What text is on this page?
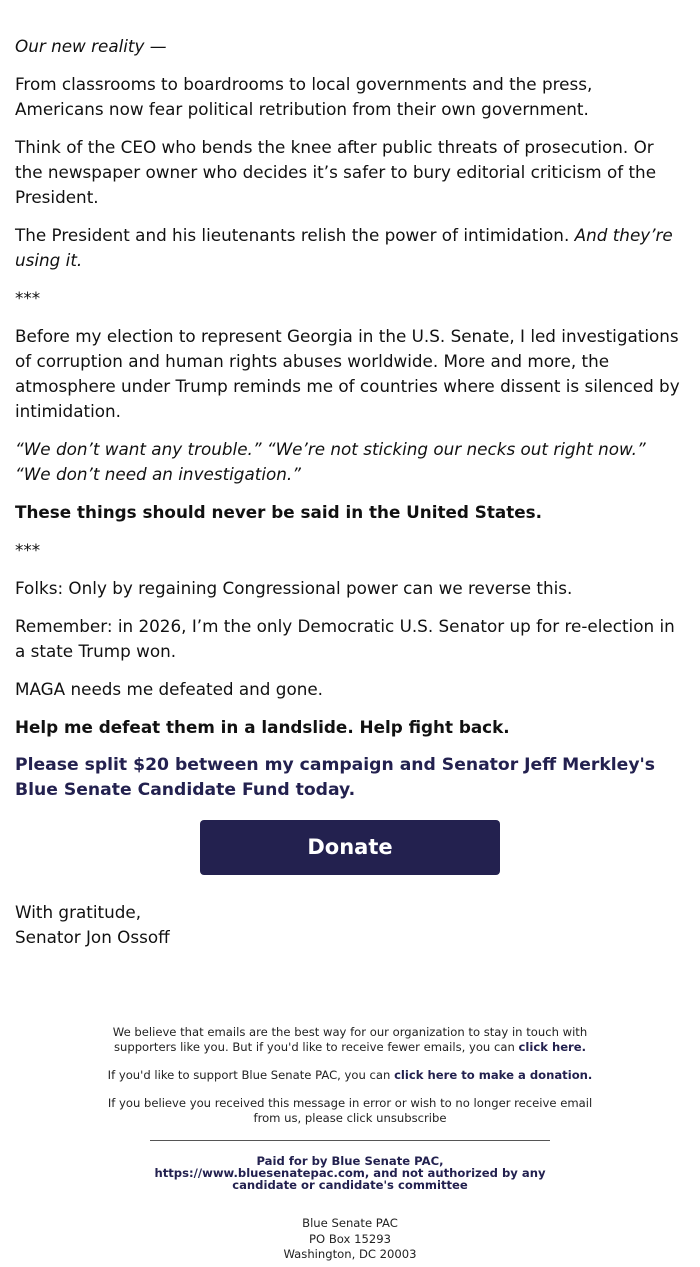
Our new reality —

From classrooms to boardrooms to local governments and the press, Americans now fear political retribution from their own government.

Think of the CEO who bends the knee after public threats of prosecution. Or the newspaper owner who decides it’s safer to bury editorial criticism of the President.

The President and his lieutenants relish the power of intimidation. And they’re using it.

***

Before my election to represent Georgia in the U.S. Senate, I led investigations of corruption and human rights abuses worldwide. More and more, the atmosphere under Trump reminds me of countries where dissent is silenced by intimidation.

“We don’t want any trouble.” “We’re not sticking our necks out right now.” “We don’t need an investigation.”

These things should never be said in the United States.

***

Folks: Only by regaining Congressional power can we reverse this.

Remember: in 2026, I’m the only Democratic U.S. Senator up for re-election in a state Trump won.

MAGA needs me defeated and gone.

Help me defeat them in a landslide. Help fight back.

Please split $20 between my campaign and Senator Jeff Merkley's Blue Senate Candidate Fund today.

Donate

With gratitude,

Senator Jon Ossoff

We believe that emails are the best way for our organization to stay in touch with supporters like you. But if you'd like to receive fewer emails, you can click here.
If you'd like to support Blue Senate PAC, you can click here to make a donation.
If you believe you received this message in error or wish to no longer receive email from us, please click unsubscribe
Paid for by Blue Senate PAC, https://www.bluesenatepac.com, and not authorized by any candidate or candidate's committee
Blue Senate PAC
PO Box 15293
Washington, DC 20003
